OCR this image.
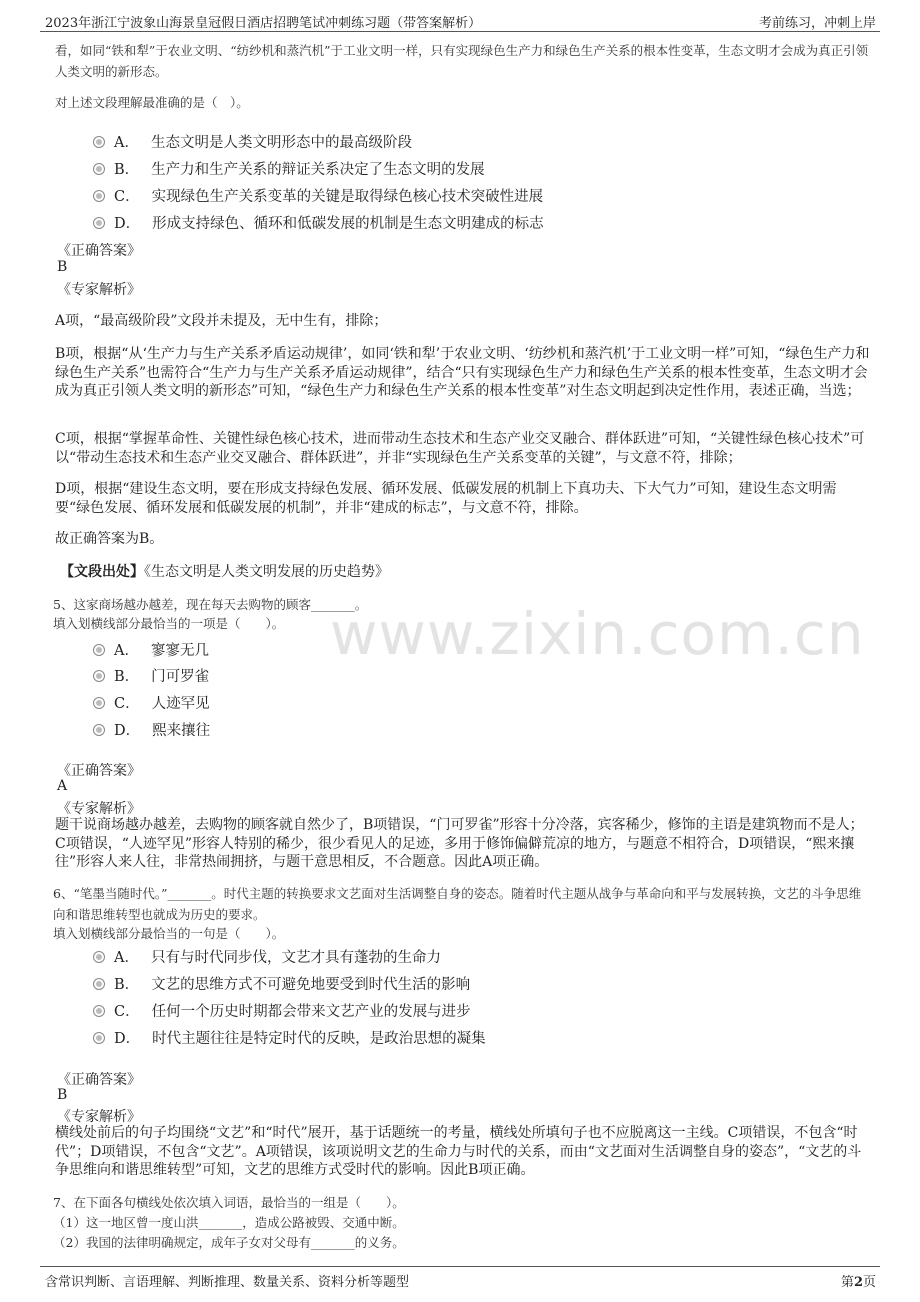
2023年浙江宁波象山海景皇冠假日酒店招聘笔试冲刺练习题（带答案解析）	考前练习，冲刺上岸
www.zixin.com.cn
看，如同“铁和犁”于农业文明、“纺纱机和蒸汽机”于工业文明一样，只有实现绿色生产力和绿色生产关系的根本性变革，生态文明才会成为真正引领人类文明的新形态。
对上述文段理解最准确的是（　）。
A． 生态文明是人类文明形态中的最高级阶段
B． 生产力和生产关系的辩证关系决定了生态文明的发展
C． 实现绿色生产关系变革的关键是取得绿色核心技术突破性进展
D． 形成支持绿色、循环和低碳发展的机制是生态文明建成的标志
《正确答案》
B
《专家解析》
A项，“最高级阶段”文段并未提及，无中生有，排除；
B项，根据“从‘生产力与生产关系矛盾运动规律’，如同‘铁和犁’于农业文明、‘纺纱机和蒸汽机’于工业文明一样”可知，“绿色生产力和绿色生产关系”也需符合“生产力与生产关系矛盾运动规律”，结合“只有实现绿色生产力和绿色生产关系的根本性变革，生态文明才会成为真正引领人类文明的新形态”可知，“绿色生产力和绿色生产关系的根本性变革”对生态文明起到决定性作用，表述正确，当选；
C项，根据“掌握革命性、关键性绿色核心技术，进而带动生态技术和生态产业交叉融合、群体跃进”可知，“关键性绿色核心技术”可以“带动生态技术和生态产业交叉融合、群体跃进”，并非“实现绿色生产关系变革的关键”，与文意不符，排除；
D项，根据“建设生态文明，要在形成支持绿色发展、循环发展、低碳发展的机制上下真功夫、下大气力”可知，建设生态文明需要“绿色发展、循环发展和低碳发展的机制”，并非“建成的标志”，与文意不符，排除。
故正确答案为B。
【文段出处】《生态文明是人类文明发展的历史趋势》
5、这家商场越办越差，现在每天去购物的顾客_______。
填入划横线部分最恰当的一项是（　　）。
A． 寥寥无几
B． 门可罗雀
C． 人迹罕见
D． 熙来攘往
《正确答案》
A
《专家解析》
题干说商场越办越差，去购物的顾客就自然少了，B项错误，“门可罗雀”形容十分冷落，宾客稀少，修饰的主语是建筑物而不是人；C项错误，“人迹罕见”形容人特别的稀少，很少看见人的足迹，多用于修饰偏僻荒凉的地方，与题意不相符合，D项错误，“熙来攘往”形容人来人往，非常热闹拥挤，与题干意思相反，不合题意。因此A项正确。
6、“笔墨当随时代。”_______。时代主题的转换要求文艺面对生活调整自身的姿态。随着时代主题从战争与革命向和平与发展转换，文艺的斗争思维向和谐思维转型也就成为历史的要求。
填入划横线部分最恰当的一句是（　　）。
A． 只有与时代同步伐，文艺才具有蓬勃的生命力
B． 文艺的思维方式不可避免地要受到时代生活的影响
C． 任何一个历史时期都会带来文艺产业的发展与进步
D． 时代主题往往是特定时代的反映，是政治思想的凝集
《正确答案》
B
《专家解析》
横线处前后的句子均围绕“文艺”和“时代”展开，基于话题统一的考量，横线处所填句子也不应脱离这一主线。C项错误，不包含“时代”；D项错误，不包含“文艺”。A项错误，该项说明文艺的生命力与时代的关系，而由“文艺面对生活调整自身的姿态”，“文艺的斗争思维向和谐思维转型”可知，文艺的思维方式受时代的影响。因此B项正确。
7、在下面各句横线处依次填入词语，最恰当的一组是（　　）。
（1）这一地区曾一度山洪_______，造成公路被毁、交通中断。
（2）我国的法律明确规定，成年子女对父母有_______的义务。
含常识判断、言语理解、判断推理、数量关系、资料分析等题型	第2页
